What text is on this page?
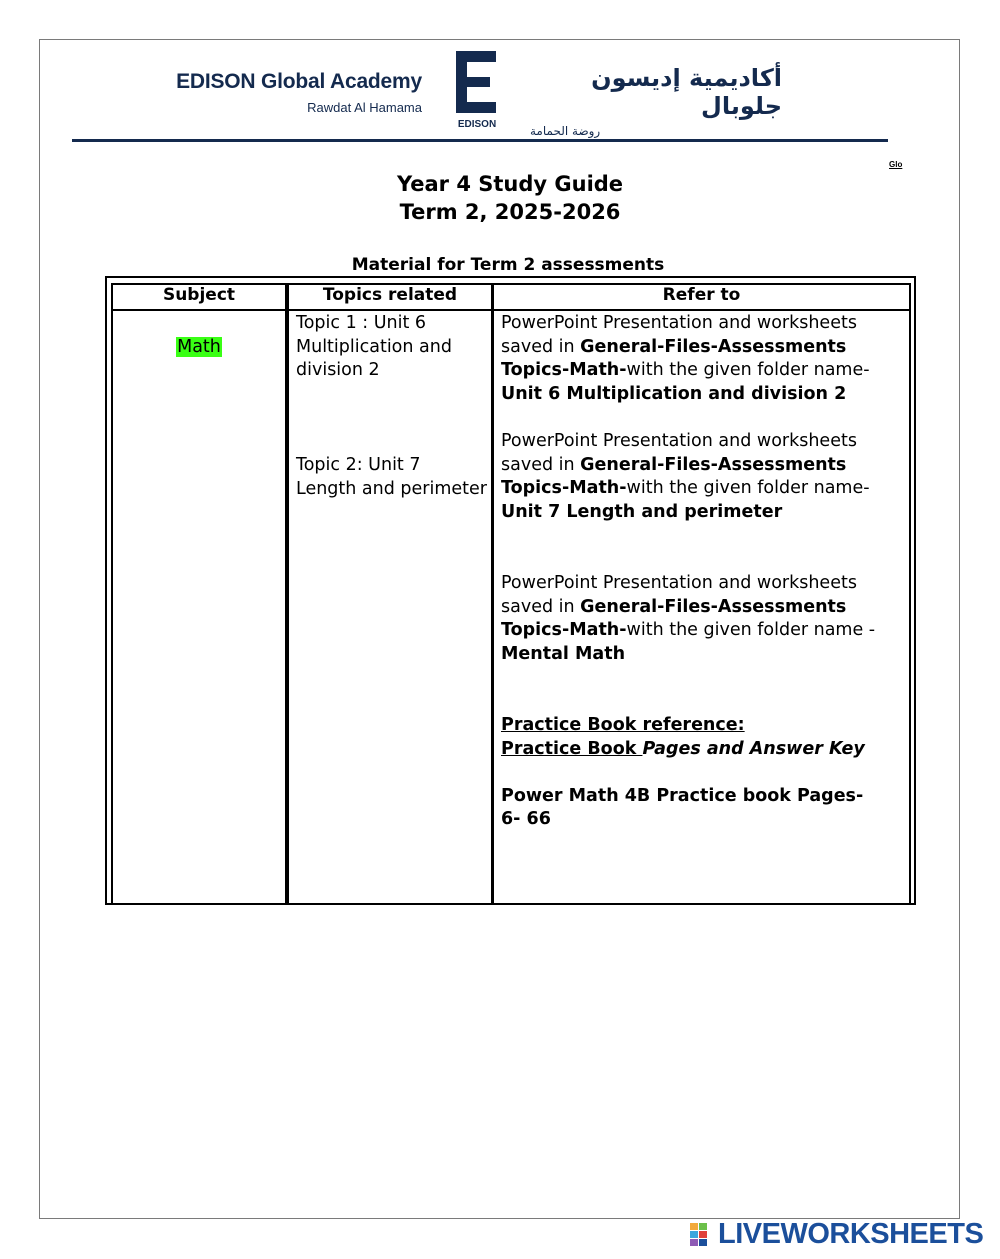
EDISON Global Academy
Rawdat Al Hamama
EDISON
أكاديمية إديسون جلوبال
روضة الحمامة
Glo
Year 4 Study Guide
Term 2, 2025-2026
Material for Term 2 assessments
Subject	Topics related	Refer to
Math
Topic 1 : Unit 6
Multiplication and
division 2
Topic 2: Unit 7
Length and perimeter
PowerPoint Presentation and worksheets
saved in General-Files-Assessments
Topics-Math-with the given folder name-
Unit 6 Multiplication and division 2
PowerPoint Presentation and worksheets
saved in General-Files-Assessments
Topics-Math-with the given folder name-
Unit 7 Length and perimeter
PowerPoint Presentation and worksheets
saved in General-Files-Assessments
Topics-Math-with the given folder name -
Mental Math
Practice Book reference:
Practice Book Pages and Answer Key
Power Math 4B Practice book Pages-
6- 66
LIVEWORKSHEETS
